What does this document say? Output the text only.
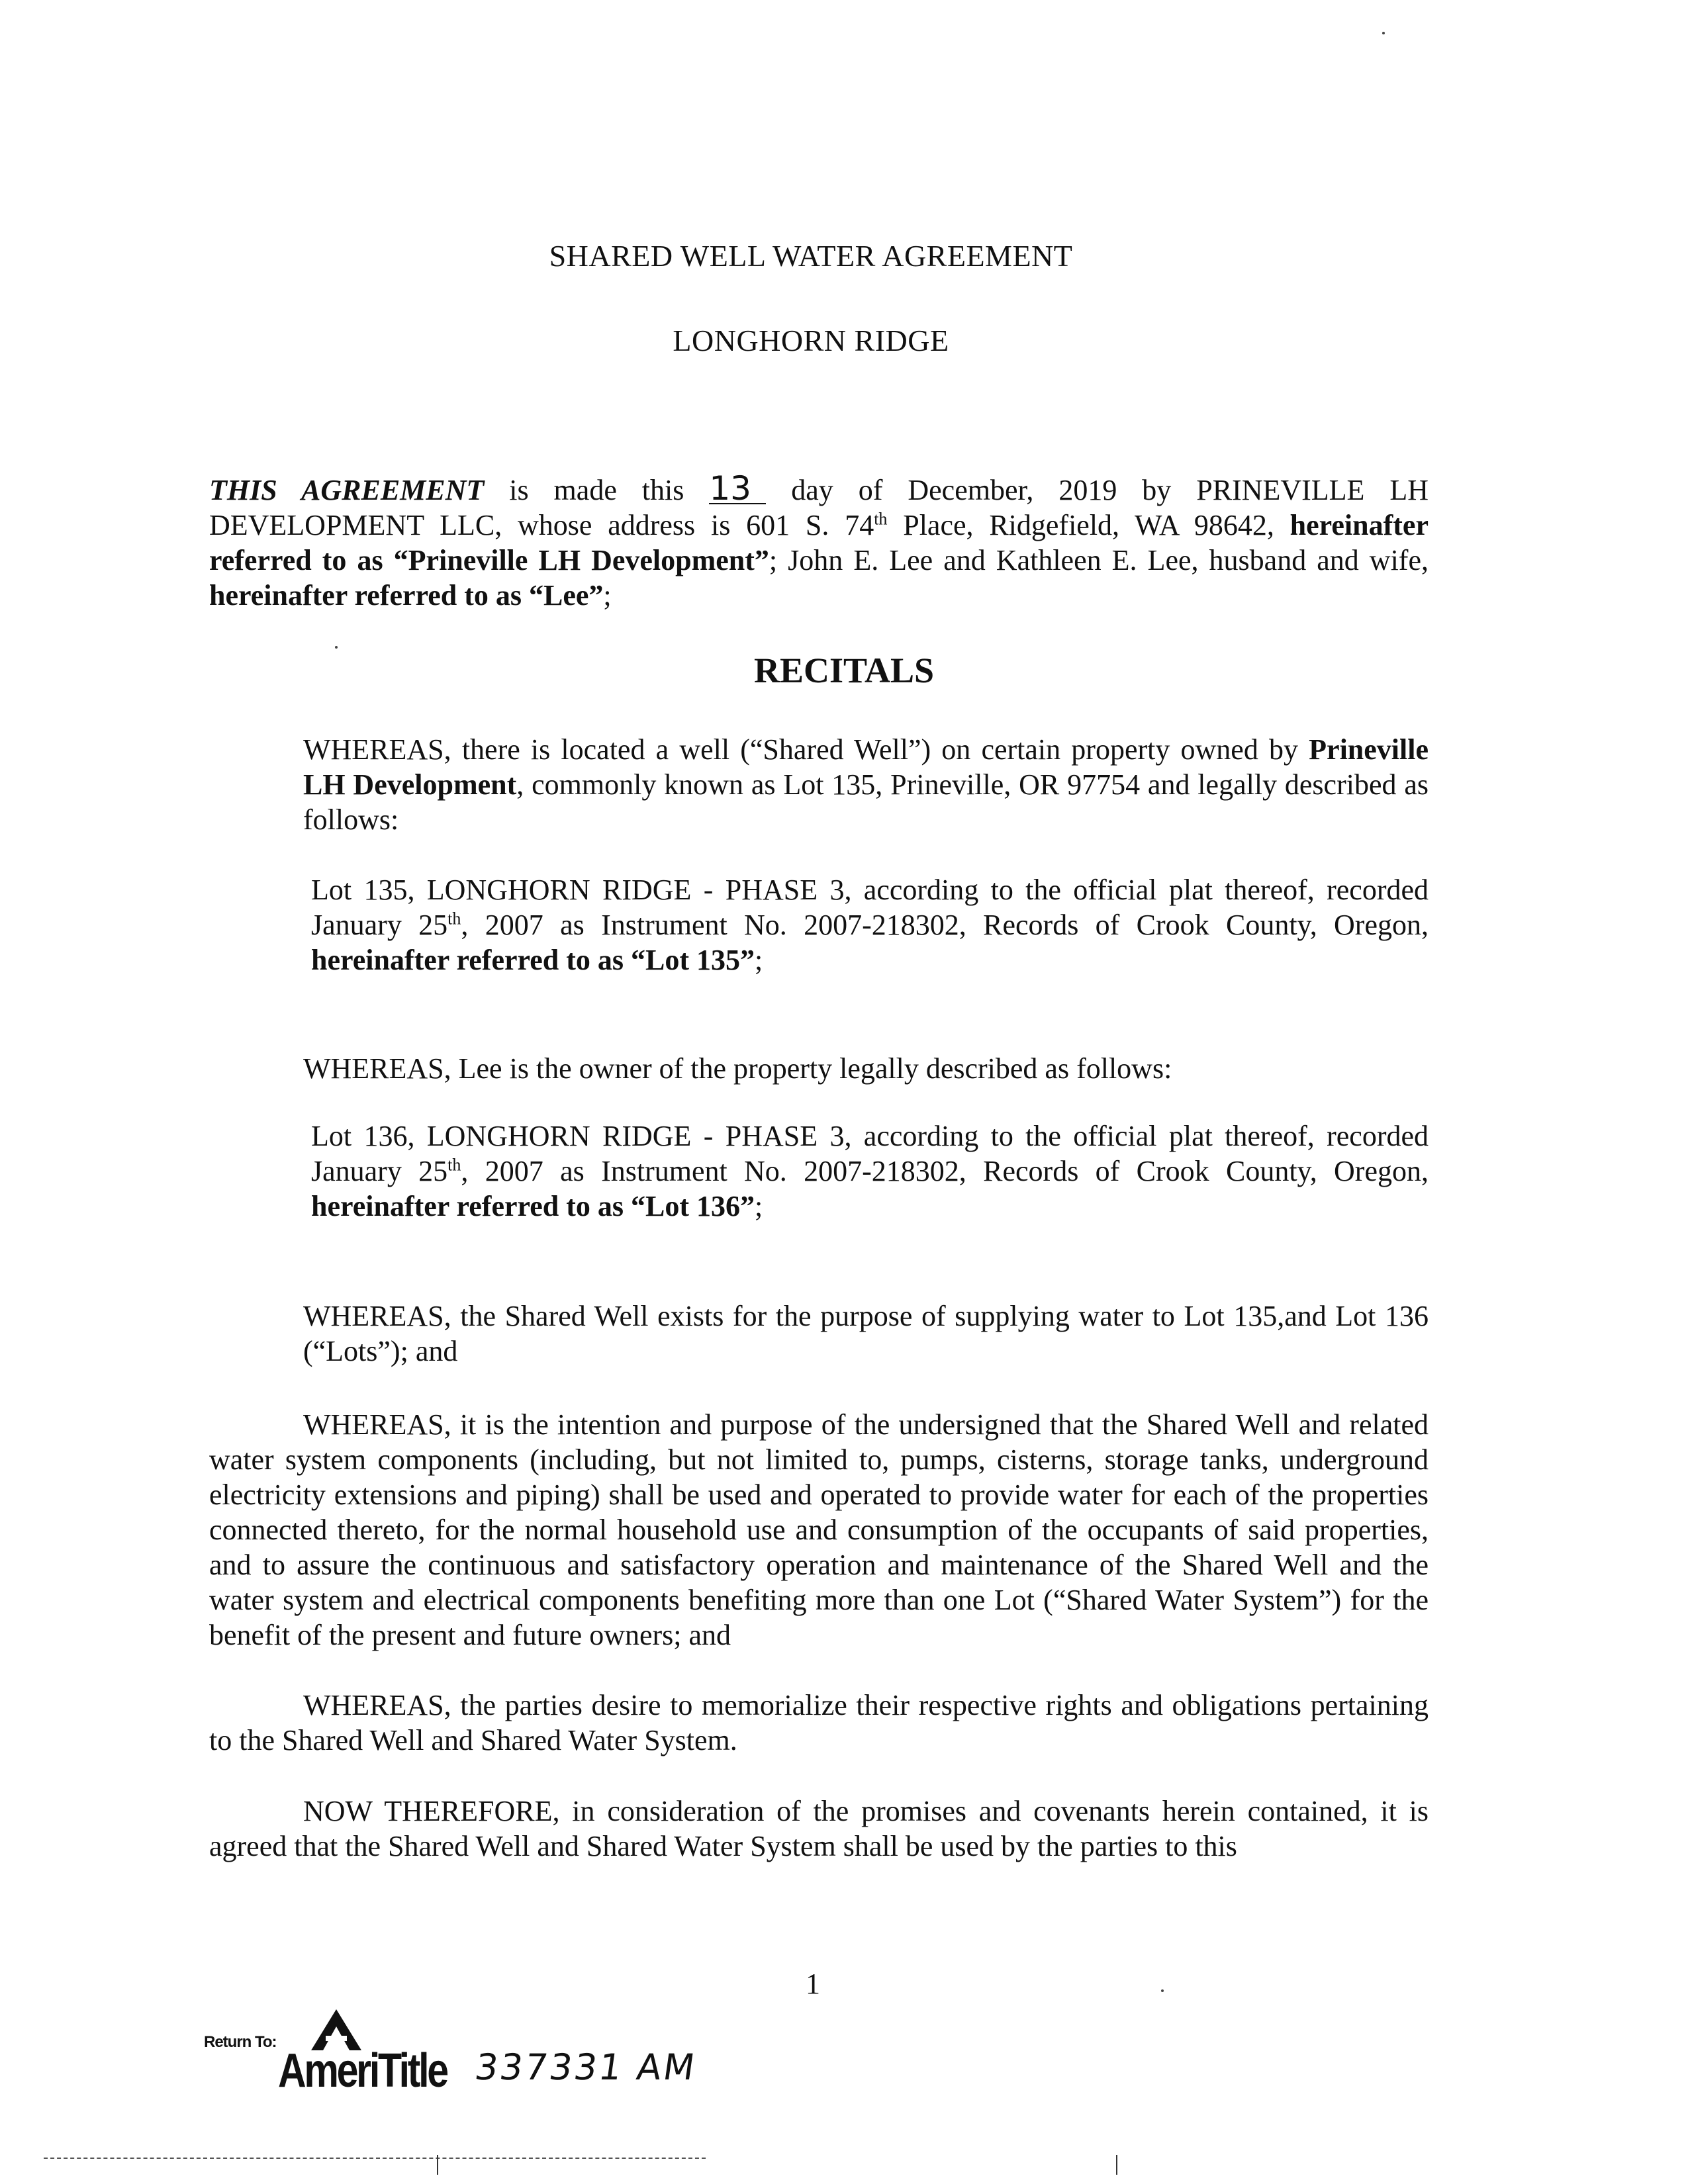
SHARED WELL WATER AGREEMENT
LONGHORN RIDGE

THIS AGREEMENT is made this 13 day of December, 2019 by PRINEVILLE LH DEVELOPMENT LLC, whose address is 601 S. 74th Place, Ridgefield, WA 98642, hereinafter referred to as “Prineville LH Development”; John E. Lee and Kathleen E. Lee, husband and wife, hereinafter referred to as “Lee”;

RECITALS

WHEREAS, there is located a well (“Shared Well”) on certain property owned by Prineville LH Development, commonly known as Lot 135, Prineville, OR 97754 and legally described as follows:

Lot 135, LONGHORN RIDGE - PHASE 3, according to the official plat thereof, recorded January 25th, 2007 as Instrument No. 2007-218302, Records of Crook County, Oregon, hereinafter referred to as “Lot 135”;

WHEREAS, Lee is the owner of the property legally described as follows:

Lot 136, LONGHORN RIDGE - PHASE 3, according to the official plat thereof, recorded January 25th, 2007 as Instrument No. 2007-218302, Records of Crook County, Oregon, hereinafter referred to as “Lot 136”;

WHEREAS, the Shared Well exists for the purpose of supplying water to Lot 135,and Lot 136 (“Lots”); and

WHEREAS, it is the intention and purpose of the undersigned that the Shared Well and related water system components (including, but not limited to, pumps, cisterns, storage tanks, underground electricity extensions and piping) shall be used and operated to provide water for each of the properties connected thereto, for the normal household use and consumption of the occupants of said properties, and to assure the continuous and satisfactory operation and maintenance of the Shared Well and the water system and electrical components benefiting more than one Lot (“Shared Water System”) for the benefit of the present and future owners; and

WHEREAS, the parties desire to memorialize their respective rights and obligations pertaining to the Shared Well and Shared Water System.

NOW THEREFORE, in consideration of the promises and covenants herein contained, it is agreed that the Shared Well and Shared Water System shall be used by the parties to this

1
Return To:
AmeriTitle 337331 AM
